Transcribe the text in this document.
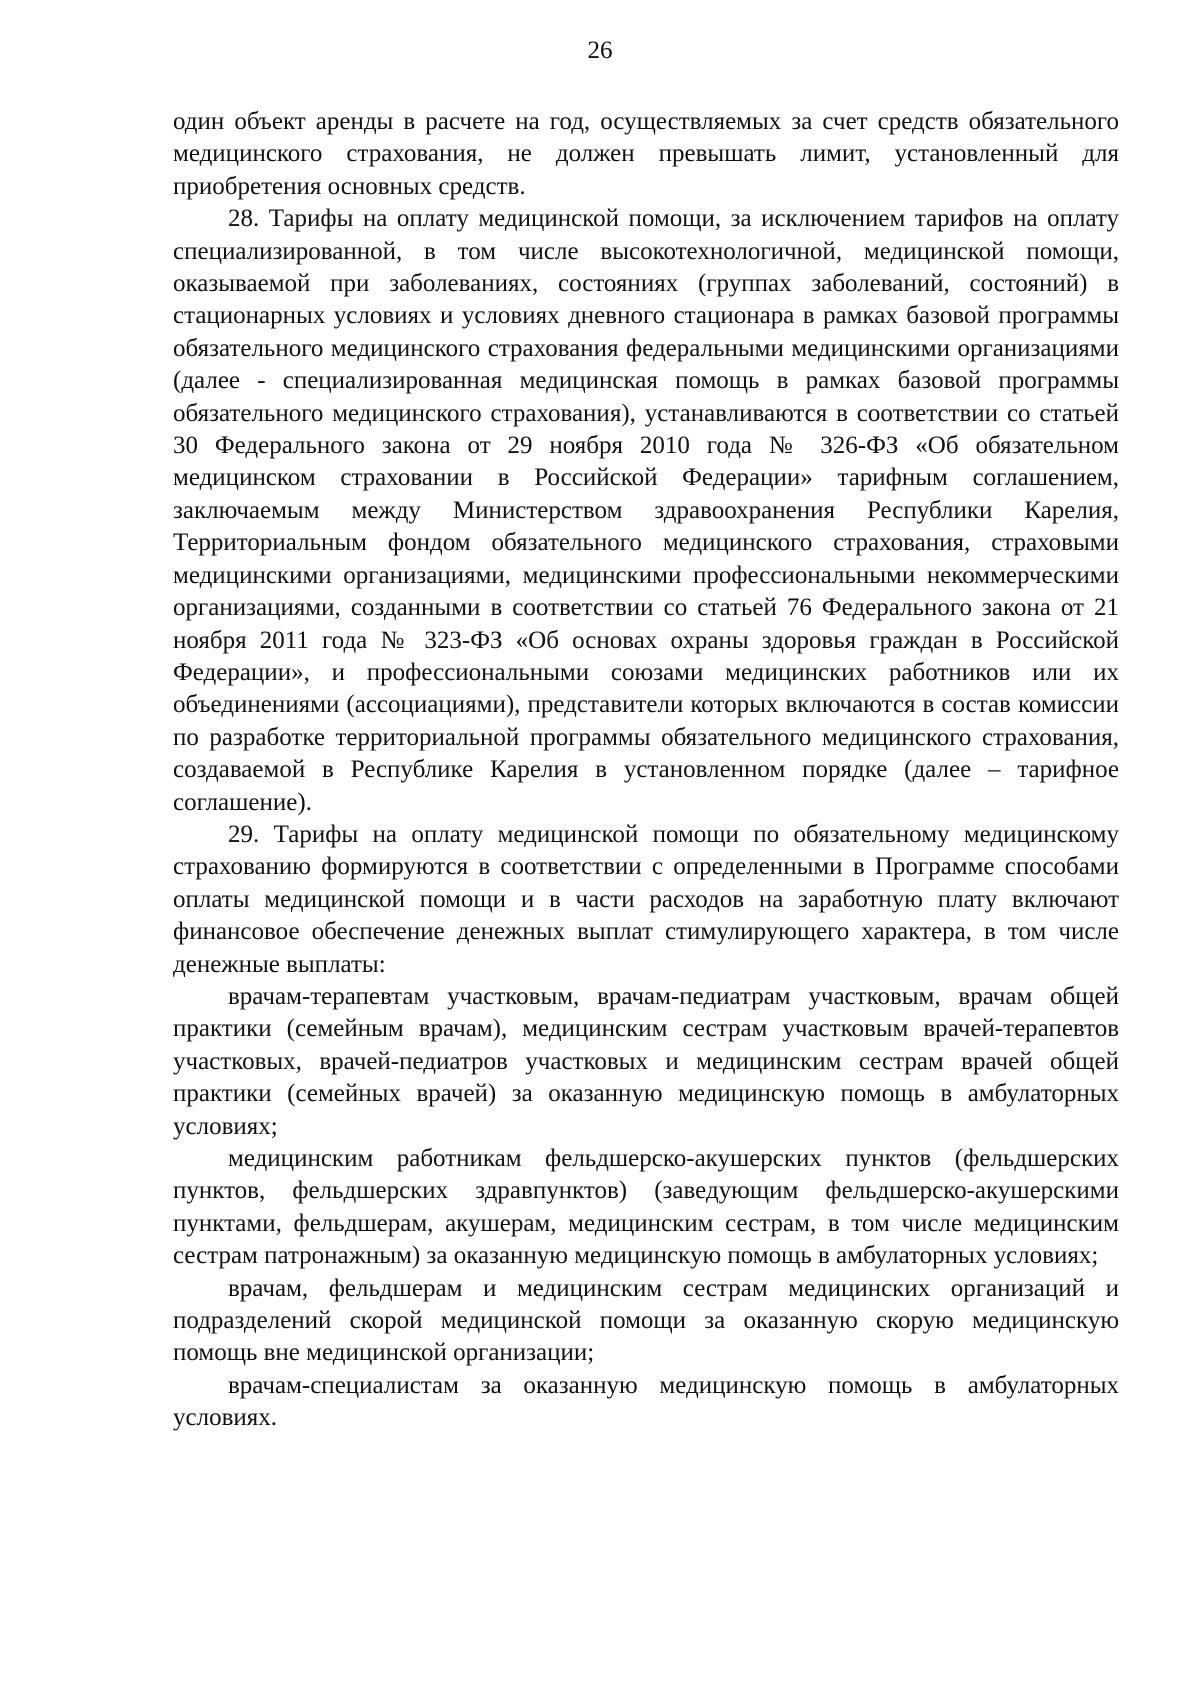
26

один объект аренды в расчете на год, осуществляемых за счет средств обязательного медицинского страхования, не должен превышать лимит, установленный для приобретения основных средств.

28. Тарифы на оплату медицинской помощи, за исключением тарифов на оплату специализированной, в том числе высокотехнологичной, медицинской помощи, оказываемой при заболеваниях, состояниях (группах заболеваний, состояний) в стационарных условиях и условиях дневного стационара в рамках базовой программы обязательного медицинского страхования федеральными медицинскими организациями (далее - специализированная медицинская помощь в рамках базовой программы обязательного медицинского страхования), устанавливаются в соответствии со статьей 30 Федерального закона от 29 ноября 2010 года № 326-ФЗ «Об обязательном медицинском страховании в Российской Федерации» тарифным соглашением, заключаемым между Министерством здравоохранения Республики Карелия, Территориальным фондом обязательного медицинского страхования, страховыми медицинскими организациями, медицинскими профессиональными некоммерческими организациями, созданными в соответствии со статьей 76 Федерального закона от 21 ноября 2011 года № 323-ФЗ «Об основах охраны здоровья граждан в Российской Федерации», и профессиональными союзами медицинских работников или их объединениями (ассоциациями), представители которых включаются в состав комиссии по разработке территориальной программы обязательного медицинского страхования, создаваемой в Республике Карелия в установленном порядке (далее – тарифное соглашение).

29. Тарифы на оплату медицинской помощи по обязательному медицинскому страхованию формируются в соответствии с определенными в Программе способами оплаты медицинской помощи и в части расходов на заработную плату включают финансовое обеспечение денежных выплат стимулирующего характера, в том числе денежные выплаты:

врачам-терапевтам участковым, врачам-педиатрам участковым, врачам общей практики (семейным врачам), медицинским сестрам участковым врачей-терапевтов участковых, врачей-педиатров участковых и медицинским сестрам врачей общей практики (семейных врачей) за оказанную медицинскую помощь в амбулаторных условиях;

медицинским работникам фельдшерско-акушерских пунктов (фельдшерских пунктов, фельдшерских здравпунктов) (заведующим фельдшерско-акушерскими пунктами, фельдшерам, акушерам, медицинским сестрам, в том числе медицинским сестрам патронажным) за оказанную медицинскую помощь в амбулаторных условиях;

врачам, фельдшерам и медицинским сестрам медицинских организаций и подразделений скорой медицинской помощи за оказанную скорую медицинскую помощь вне медицинской организации;

врачам-специалистам за оказанную медицинскую помощь в амбулаторных условиях.
